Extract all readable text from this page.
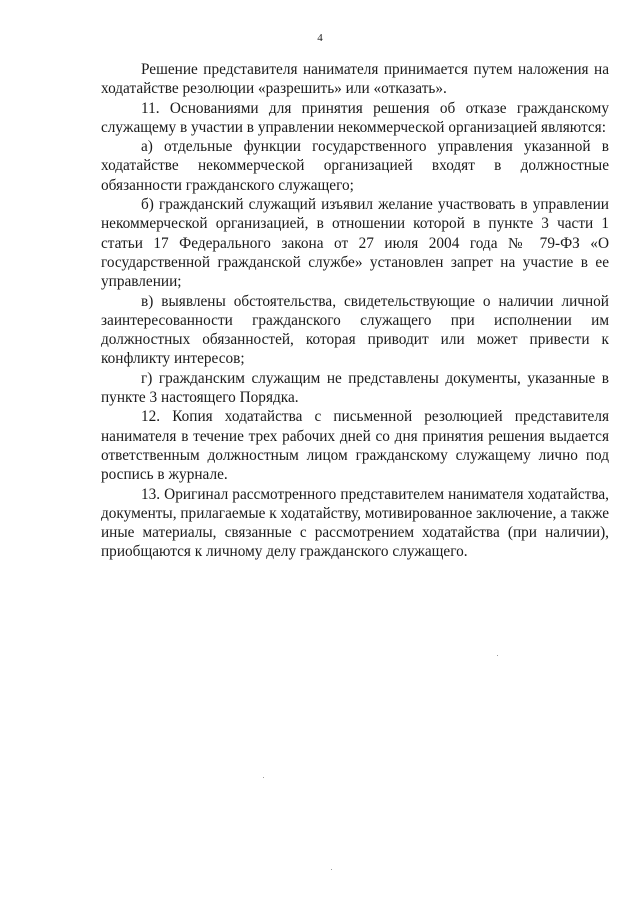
4

Решение представителя нанимателя принимается путем наложения на ходатайстве резолюции «разрешить» или «отказать».

11. Основаниями для принятия решения об отказе гражданскому служащему в участии в управлении некоммерческой организацией являются:

а) отдельные функции государственного управления указанной в ходатайстве некоммерческой организацией входят в должностные обязанности гражданского служащего;

б) гражданский служащий изъявил желание участвовать в управлении некоммерческой организацией, в отношении которой в пункте 3 части 1 статьи 17 Федерального закона от 27 июля 2004 года № 79-ФЗ «О государственной гражданской службе» установлен запрет на участие в ее управлении;

в) выявлены обстоятельства, свидетельствующие о наличии личной заинтересованности гражданского служащего при исполнении им должностных обязанностей, которая приводит или может привести к конфликту интересов;

г) гражданским служащим не представлены документы, указанные в пункте 3 настоящего Порядка.

12. Копия ходатайства с письменной резолюцией представителя нанимателя в течение трех рабочих дней со дня принятия решения выдается ответственным должностным лицом гражданскому служащему лично под роспись в журнале.

13. Оригинал рассмотренного представителем нанимателя ходатайства, документы, прилагаемые к ходатайству, мотивированное заключение, а также иные материалы, связанные с рассмотрением ходатайства (при наличии), приобщаются к личному делу гражданского служащего.
